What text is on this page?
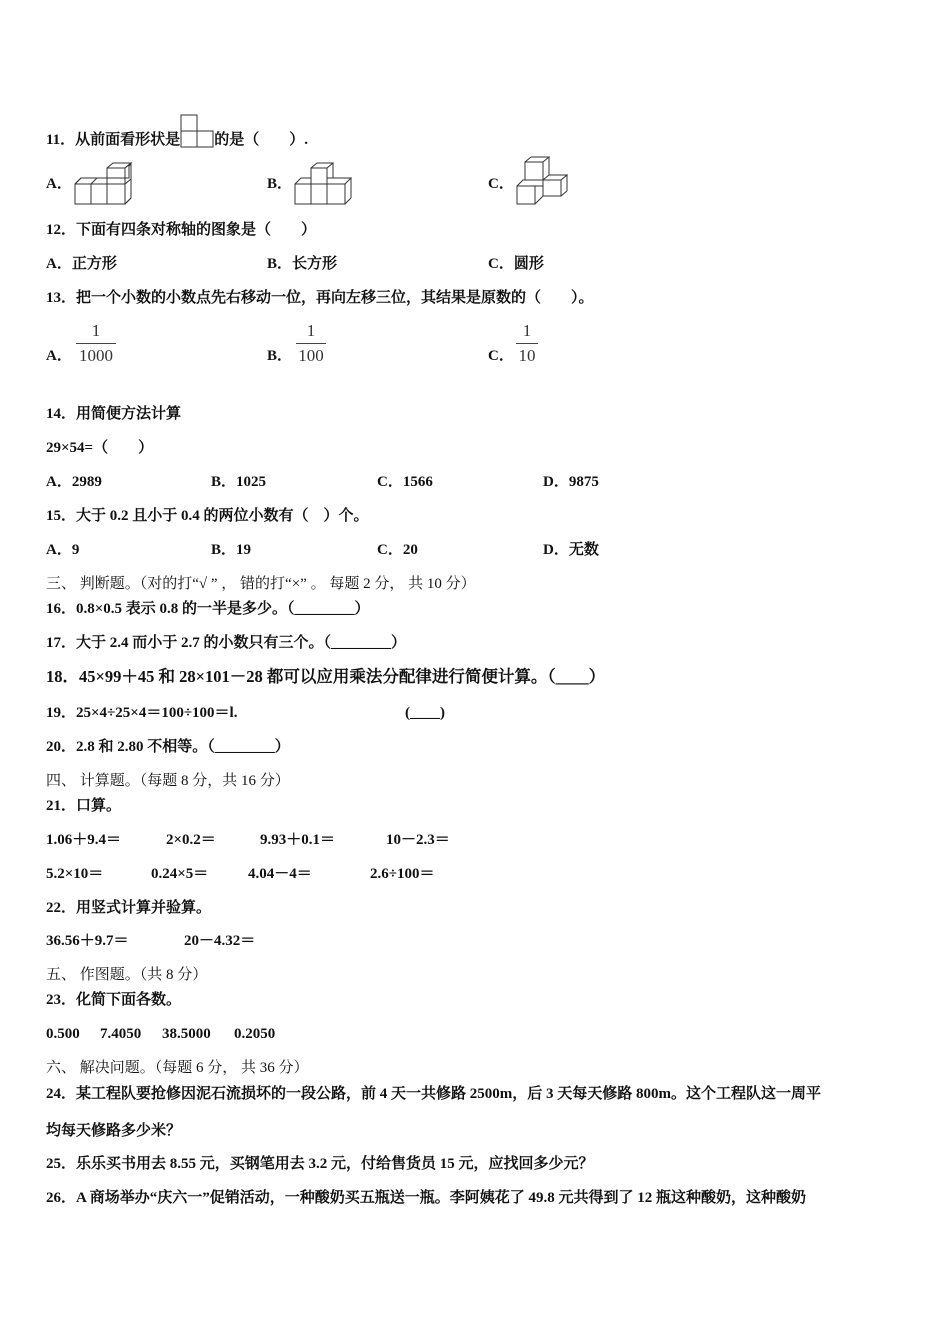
11．从前面看形状是 的是（　　）.
A．	B．	C．
12．下面有四条对称轴的图象是（　　）
A．正方形	B．长方形	C．圆形
13．把一个小数的小数点先右移动一位，再向左移三位，其结果是原数的（　　）。
A．
1
1000	B．
1
100	C．
1
10
14．用简便方法计算
29×54=（　　）
A．2989	B．1025	C．1566	D．9875
15．大于 0.2 且小于 0.4 的两位小数有（　）个。
A．9	B．19	C．20	D．无数
三、 判断题。（对的打“√ ” ， 错的打“×” 。 每题 2 分， 共 10 分）
16．0.8×0.5 表示 0.8 的一半是多少。（________）
17．大于 2.4 而小于 2.7 的小数只有三个。（________）
18．45×99＋45 和 28×101－28 都可以应用乘法分配律进行简便计算。（____）
19．25×4÷25×4＝100÷100＝l.	(____)
20．2.8 和 2.80 不相等。（________）
四、 计算题。（每题 8 分，共 16 分）
21．口算。
1.06＋9.4＝	2×0.2＝	9.93＋0.1＝	10－2.3＝
5.2×10＝	0.24×5＝	4.04－4＝	2.6÷100＝
22．用竖式计算并验算。
36.56＋9.7＝	20－4.32＝
五、 作图题。（共 8 分）
23．化简下面各数。
0.500 7.4050 38.5000 0.2050
六、 解决问题。（每题 6 分， 共 36 分）
24．某工程队要抢修因泥石流损坏的一段公路，前 4 天一共修路 2500m，后 3 天每天修路 800m。这个工程队这一周平
均每天修路多少米？
25．乐乐买书用去 8.55 元，买钢笔用去 3.2 元，付给售货员 15 元，应找回多少元？
26．A 商场举办“庆六一”促销活动，一种酸奶买五瓶送一瓶。李阿姨花了 49.8 元共得到了 12 瓶这种酸奶，这种酸奶
